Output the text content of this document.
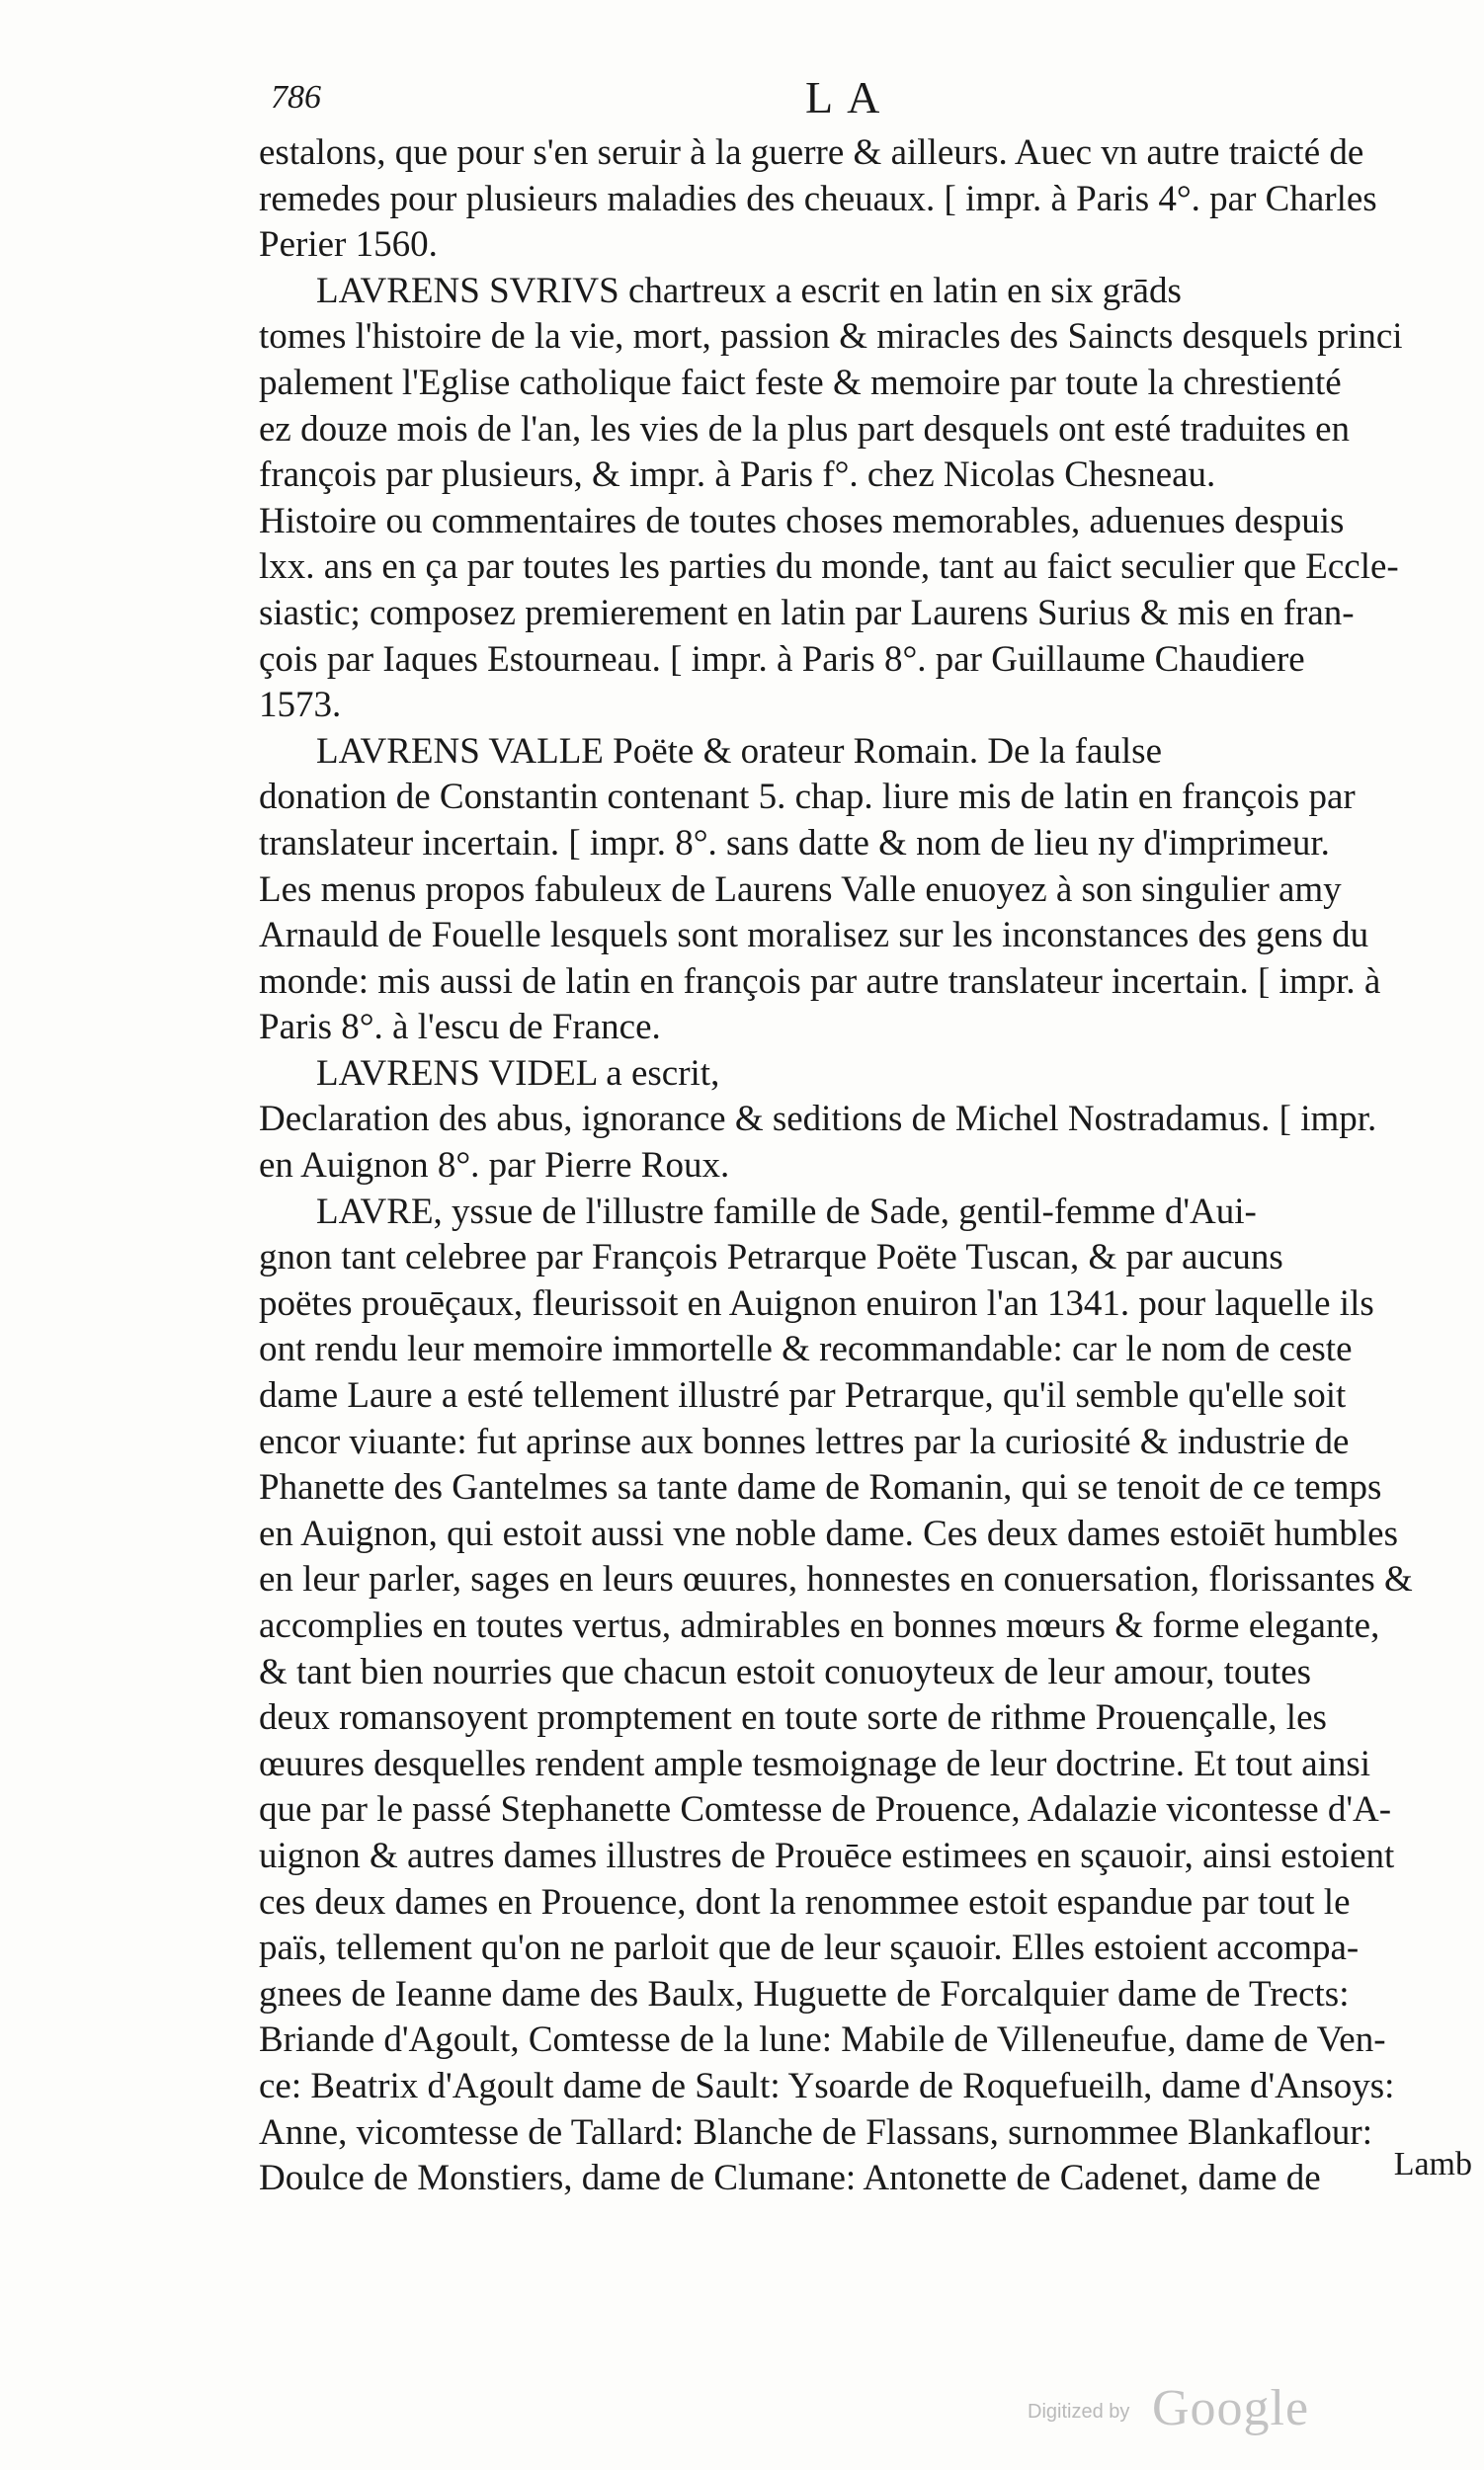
786	LA
estalons, que pour s'en seruir à la guerre & ailleurs. Auec vn autre traicté de
remedes pour plusieurs maladies des cheuaux. [ impr. à Paris 4°. par Charles
Perier 1560.
LAVRENS SVRIVS chartreux a escrit en latin en six grāds
tomes l'histoire de la vie, mort, passion & miracles des Saincts desquels princi
palement l'Eglise catholique faict feste & memoire par toute la chrestienté
ez douze mois de l'an, les vies de la plus part desquels ont esté traduites en
françois par plusieurs, & impr. à Paris f°. chez Nicolas Chesneau.
Histoire ou commentaires de toutes choses memorables, aduenues despuis
lxx. ans en ça par toutes les parties du monde, tant au faict seculier que Eccle-
siastic; composez premierement en latin par Laurens Surius & mis en fran-
çois par Iaques Estourneau. [ impr. à Paris 8°. par Guillaume Chaudiere
1573.
LAVRENS VALLE Poëte & orateur Romain. De la faulse
donation de Constantin contenant 5. chap. liure mis de latin en françois par
translateur incertain. [ impr. 8°. sans datte & nom de lieu ny d'imprimeur.
Les menus propos fabuleux de Laurens Valle enuoyez à son singulier amy
Arnauld de Fouelle lesquels sont moralisez sur les inconstances des gens du
monde: mis aussi de latin en françois par autre translateur incertain. [ impr. à
Paris 8°. à l'escu de France.
LAVRENS VIDEL a escrit,
Declaration des abus, ignorance & seditions de Michel Nostradamus. [ impr.
en Auignon 8°. par Pierre Roux.
LAVRE, yssue de l'illustre famille de Sade, gentil-femme d'Aui-
gnon tant celebree par François Petrarque Poëte Tuscan, & par aucuns
poëtes prouēçaux, fleurissoit en Auignon enuiron l'an 1341. pour laquelle ils
ont rendu leur memoire immortelle & recommandable: car le nom de ceste
dame Laure a esté tellement illustré par Petrarque, qu'il semble qu'elle soit
encor viuante: fut aprinse aux bonnes lettres par la curiosité & industrie de
Phanette des Gantelmes sa tante dame de Romanin, qui se tenoit de ce temps
en Auignon, qui estoit aussi vne noble dame. Ces deux dames estoiēt humbles
en leur parler, sages en leurs œuures, honnestes en conuersation, florissantes &
accomplies en toutes vertus, admirables en bonnes mœurs & forme elegante,
& tant bien nourries que chacun estoit conuoyteux de leur amour, toutes
deux romansoyent promptement en toute sorte de rithme Prouençalle, les
œuures desquelles rendent ample tesmoignage de leur doctrine. Et tout ainsi
que par le passé Stephanette Comtesse de Prouence, Adalazie vicontesse d'A-
uignon & autres dames illustres de Prouēce estimees en sçauoir, ainsi estoient
ces deux dames en Prouence, dont la renommee estoit espandue par tout le
païs, tellement qu'on ne parloit que de leur sçauoir. Elles estoient accompa-
gnees de Ieanne dame des Baulx, Huguette de Forcalquier dame de Trects:
Briande d'Agoult, Comtesse de la lune: Mabile de Villeneufue, dame de Ven-
ce: Beatrix d'Agoult dame de Sault: Ysoarde de Roquefueilh, dame d'Ansoys:
Anne, vicomtesse de Tallard: Blanche de Flassans, surnommee Blankaflour:
Doulce de Monstiers, dame de Clumane: Antonette de Cadenet, dame de	Lamb
Digitized by Google
